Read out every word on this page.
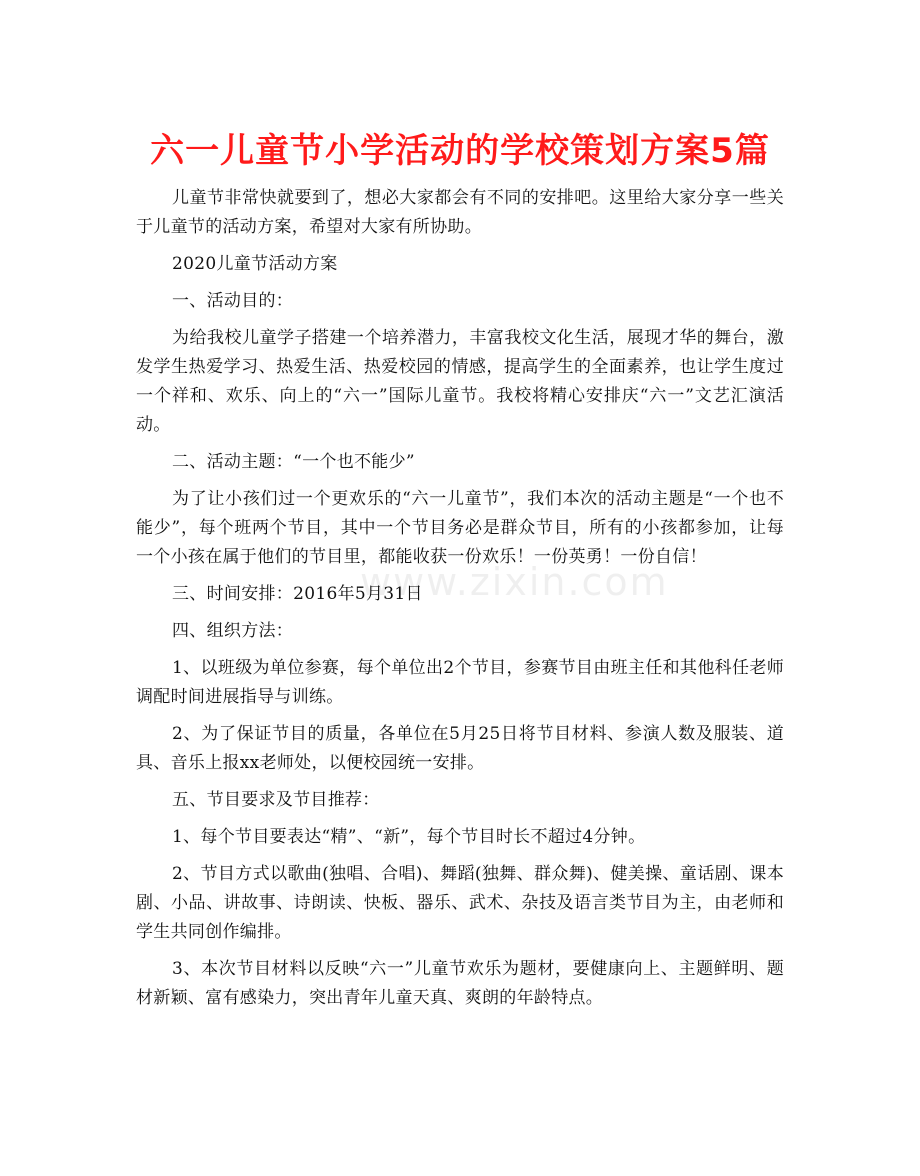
六一儿童节小学活动的学校策划方案5篇
www.zixin.com

儿童节非常快就要到了，想必大家都会有不同的安排吧。这里给大家分享一些关于儿童节的活动方案，希望对大家有所协助。

2020儿童节活动方案

一、活动目的：

为给我校儿童学子搭建一个培养潜力，丰富我校文化生活，展现才华的舞台，激发学生热爱学习、热爱生活、热爱校园的情感，提高学生的全面素养，也让学生度过一个祥和、欢乐、向上的“六一”国际儿童节。我校将精心安排庆“六一”文艺汇演活动。

二、活动主题：“一个也不能少”

为了让小孩们过一个更欢乐的“六一儿童节”，我们本次的活动主题是“一个也不能少”，每个班两个节目，其中一个节目务必是群众节目，所有的小孩都参加，让每一个小孩在属于他们的节目里，都能收获一份欢乐！一份英勇！一份自信！

三、时间安排：2016年5月31日

四、组织方法：

1、以班级为单位参赛，每个单位出2个节目，参赛节目由班主任和其他科任老师调配时间进展指导与训练。

2、为了保证节目的质量，各单位在5月25日将节目材料、参演人数及服装、道具、音乐上报xx老师处，以便校园统一安排。

五、节目要求及节目推荐：

1、每个节目要表达“精”、“新”，每个节目时长不超过4分钟。

2、节目方式以歌曲(独唱、合唱)、舞蹈(独舞、群众舞)、健美操、童话剧、课本剧、小品、讲故事、诗朗读、快板、器乐、武术、杂技及语言类节目为主，由老师和学生共同创作编排。

3、本次节目材料以反映“六一”儿童节欢乐为题材，要健康向上、主题鲜明、题材新颖、富有感染力，突出青年儿童天真、爽朗的年龄特点。
